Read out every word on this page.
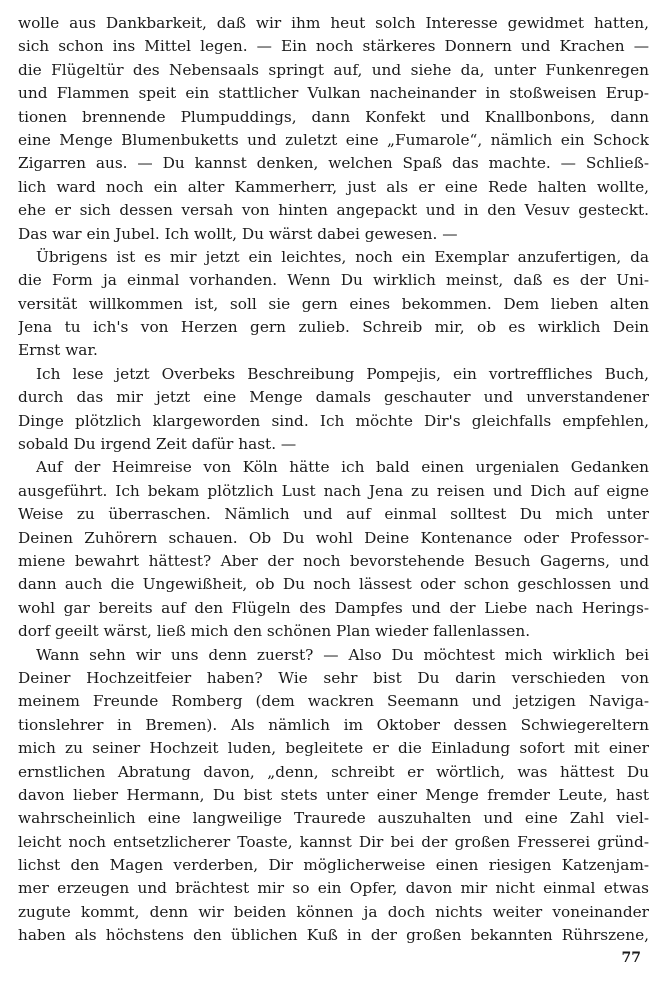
wolle aus Dankbarkeit, daß wir ihm heut solch Interesse gewidmet hatten,
sich schon ins Mittel legen. — Ein noch stärkeres Donnern und Krachen —
die Flügeltür des Nebensaals springt auf, und siehe da, unter Funkenregen
und Flammen speit ein stattlicher Vulkan nacheinander in stoßweisen Erup-
tionen brennende Plumpuddings, dann Konfekt und Knallbonbons, dann
eine Menge Blumenbuketts und zuletzt eine „Fumarole“, nämlich ein Schock
Zigarren aus. — Du kannst denken, welchen Spaß das machte. — Schließ-
lich ward noch ein alter Kammerherr, just als er eine Rede halten wollte,
ehe er sich dessen versah von hinten angepackt und in den Vesuv gesteckt.
Das war ein Jubel. Ich wollt, Du wärst dabei gewesen. —
Übrigens ist es mir jetzt ein leichtes, noch ein Exemplar anzufertigen, da
die Form ja einmal vorhanden. Wenn Du wirklich meinst, daß es der Uni-
versität willkommen ist, soll sie gern eines bekommen. Dem lieben alten
Jena tu ich's von Herzen gern zulieb. Schreib mir, ob es wirklich Dein
Ernst war.
Ich lese jetzt Overbeks Beschreibung Pompejis, ein vortreffliches Buch,
durch das mir jetzt eine Menge damals geschauter und unverstandener
Dinge plötzlich klargeworden sind. Ich möchte Dir's gleichfalls empfehlen,
sobald Du irgend Zeit dafür hast. —
Auf der Heimreise von Köln hätte ich bald einen urgenialen Gedanken
ausgeführt. Ich bekam plötzlich Lust nach Jena zu reisen und Dich auf eigne
Weise zu überraschen. Nämlich und auf einmal solltest Du mich unter
Deinen Zuhörern schauen. Ob Du wohl Deine Kontenance oder Professor-
miene bewahrt hättest? Aber der noch bevorstehende Besuch Gagerns, und
dann auch die Ungewißheit, ob Du noch lässest oder schon geschlossen und
wohl gar bereits auf den Flügeln des Dampfes und der Liebe nach Herings-
dorf geeilt wärst, ließ mich den schönen Plan wieder fallenlassen.
Wann sehn wir uns denn zuerst? — Also Du möchtest mich wirklich bei
Deiner Hochzeitfeier haben? Wie sehr bist Du darin verschieden von
meinem Freunde Romberg (dem wackren Seemann und jetzigen Naviga-
tionslehrer in Bremen). Als nämlich im Oktober dessen Schwiegereltern
mich zu seiner Hochzeit luden, begleitete er die Einladung sofort mit einer
ernstlichen Abratung davon, „denn, schreibt er wörtlich, was hättest Du
davon lieber Hermann, Du bist stets unter einer Menge fremder Leute, hast
wahrscheinlich eine langweilige Traurede auszuhalten und eine Zahl viel-
leicht noch entsetzlicherer Toaste, kannst Dir bei der großen Fresserei gründ-
lichst den Magen verderben, Dir möglicherweise einen riesigen Katzenjam-
mer erzeugen und brächtest mir so ein Opfer, davon mir nicht einmal etwas
zugute kommt, denn wir beiden können ja doch nichts weiter voneinander
haben als höchstens den üblichen Kuß in der großen bekannten Rührszene,
77
